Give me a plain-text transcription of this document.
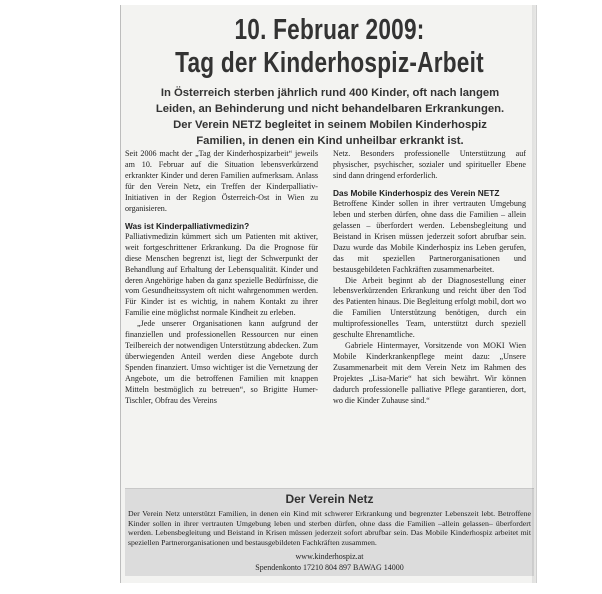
10. Februar 2009:
Tag der Kinderhospiz-Arbeit
In Österreich sterben jährlich rund 400 Kinder, oft nach langem
Leiden, an Behinderung und nicht behandelbaren Erkrankungen.
Der Verein NETZ begleitet in seinem Mobilen Kinderhospiz
Familien, in denen ein Kind unheilbar erkrankt ist.

Seit 2006 macht der „Tag der Kinderhospizarbeit“ jeweils am 10. Februar auf die Situation lebensverkürzend erkrankter Kinder und deren Familien aufmerksam. Anlass für den Verein Netz, ein Treffen der Kinderpalliativ-Initiativen in der Region Österreich-Ost in Wien zu organisieren.

Was ist Kinderpalliativmedizin?

Palliativmedizin kümmert sich um Patienten mit aktiver, weit fortgeschrittener Erkrankung. Da die Prognose für diese Menschen begrenzt ist, liegt der Schwerpunkt der Behandlung auf Erhaltung der Lebensqualität. Kinder und deren Angehörige haben da ganz spezielle Bedürfnisse, die vom Gesundheitssystem oft nicht wahrgenommen werden. Für Kinder ist es wichtig, in nahem Kontakt zu ihrer Familie eine möglichst normale Kindheit zu erleben.

„Jede unserer Organisationen kann aufgrund der finanziellen und professionellen Ressourcen nur einen Teilbereich der notwendigen Unterstützung abdecken. Zum überwiegenden Anteil werden diese Angebote durch Spenden finanziert. Umso wichtiger ist die Vernetzung der Angebote, um die betroffenen Familien mit knappen Mitteln bestmöglich zu betreuen“, so Brigitte Humer-Tischler, Obfrau des Vereins

Netz. Besonders professionelle Unterstützung auf physischer, psychischer, sozialer und spiritueller Ebene sind dann dringend erforderlich.

Das Mobile Kinderhospiz des Verein NETZ

Betroffene Kinder sollen in ihrer vertrauten Umgebung leben und sterben dürfen, ohne dass die Familien – allein gelassen – überfordert werden. Lebensbegleitung und Beistand in Krisen müssen jederzeit sofort abrufbar sein. Dazu wurde das Mobile Kinderhospiz ins Leben gerufen, das mit speziellen Partnerorganisationen und bestausgebildeten Fachkräften zusammenarbeitet.

Die Arbeit beginnt ab der Diagnosestellung einer lebensverkürzenden Erkrankung und reicht über den Tod des Patienten hinaus. Die Begleitung erfolgt mobil, dort wo die Familien Unterstützung benötigen, durch ein multiprofessionelles Team, unterstützt durch speziell geschulte Ehrenamtliche.

Gabriele Hintermayer, Vorsitzende von MOKI Wien Mobile Kinderkrankenpflege meint dazu: „Unsere Zusammenarbeit mit dem Verein Netz im Rahmen des Projektes „Lisa-Marie“ hat sich bewährt. Wir können dadurch professionelle palliative Pflege garantieren, dort, wo die Kinder Zuhause sind.“

Der Verein Netz
Der Verein Netz unterstützt Familien, in denen ein Kind mit schwerer Erkrankung und begrenzter Lebenszeit lebt. Betroffene Kinder sollen in ihrer vertrauten Umgebung leben und sterben dürfen, ohne dass die Familien –allein gelassen– überfordert werden. Lebensbegleitung und Beistand in Krisen müssen jederzeit sofort abrufbar sein. Das Mobile Kinderhospiz arbeitet mit speziellen Partnerorganisationen und bestausgebildeten Fachkräften zusammen.
www.kinderhospiz.at
Spendenkonto 17210 804 897 BAWAG 14000
